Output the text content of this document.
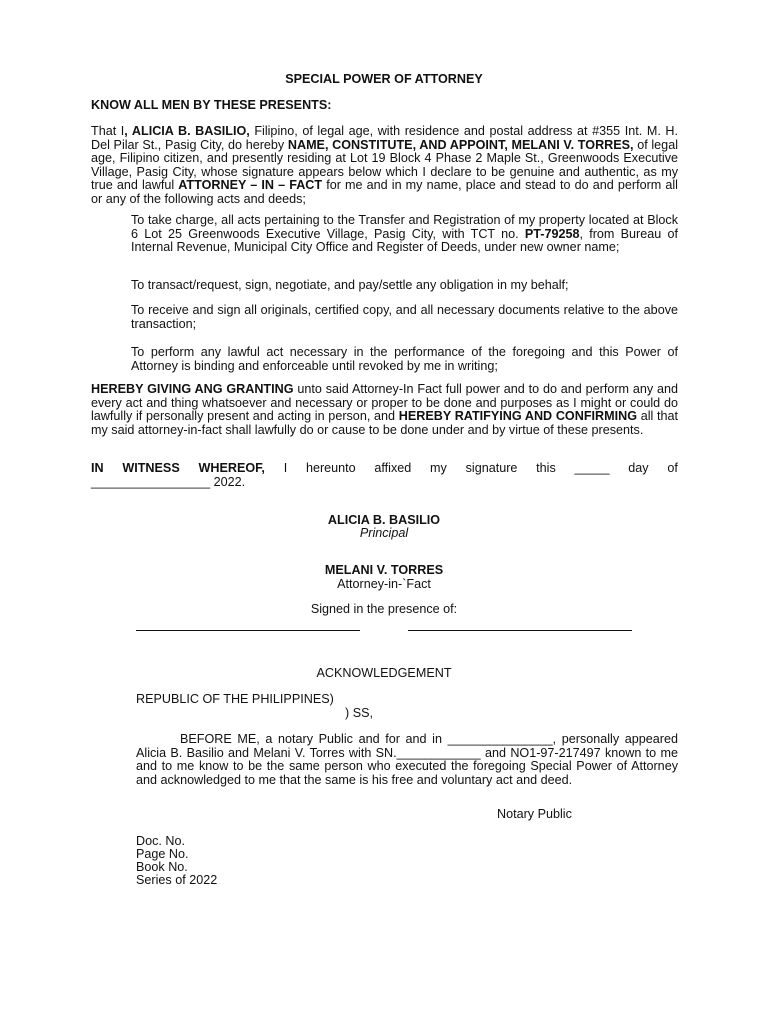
SPECIAL POWER OF ATTORNEY
KNOW ALL MEN BY THESE PRESENTS:

That I, ALICIA B. BASILIO, Filipino, of legal age, with residence and postal address at #355 Int. M. H. Del Pilar St., Pasig City, do hereby NAME, CONSTITUTE, AND APPOINT, MELANI V. TORRES, of legal age, Filipino citizen, and presently residing at Lot 19 Block 4 Phase 2 Maple St., Greenwoods Executive Village, Pasig City, whose signature appears below which I declare to be genuine and authentic, as my true and lawful ATTORNEY – IN – FACT for me and in my name, place and stead to do and perform all or any of the following acts and deeds;

To take charge, all acts pertaining to the Transfer and Registration of my property located at Block 6 Lot 25 Greenwoods Executive Village, Pasig City, with TCT no. PT-79258, from Bureau of Internal Revenue, Municipal City Office and Register of Deeds, under new owner name;

To transact/request, sign, negotiate, and pay/settle any obligation in my behalf;

To receive and sign all originals, certified copy, and all necessary documents relative to the above transaction;

To perform any lawful act necessary in the performance of the foregoing and this Power of Attorney is binding and enforceable until revoked by me in writing;

HEREBY GIVING ANG GRANTING unto said Attorney-In Fact full power and to do and perform any and every act and thing whatsoever and necessary or proper to be done and purposes as I might or could do lawfully if personally present and acting in person, and HEREBY RATIFYING AND CONFIRMING all that my said attorney-in-fact shall lawfully do or cause to be done under and by virtue of these presents.

IN WITNESS WHEREOF, I hereunto affixed my signature this _____ day of
_________________ 2022.
ALICIA B. BASILIO
Principal
MELANI V. TORRES
Attorney-in-`Fact
Signed in the presence of:
ACKNOWLEDGEMENT
REPUBLIC OF THE PHILIPPINES)
) SS,

BEFORE ME, a notary Public and for and in _______________, personally appeared Alicia B. Basilio and Melani V. Torres with SN.____________ and NO1-97-217497 known to me and to me know to be the same person who executed the foregoing Special Power of Attorney and acknowledged to me that the same is his free and voluntary act and deed.

Notary Public
Doc. No.
Page No.
Book No.
Series of 2022
